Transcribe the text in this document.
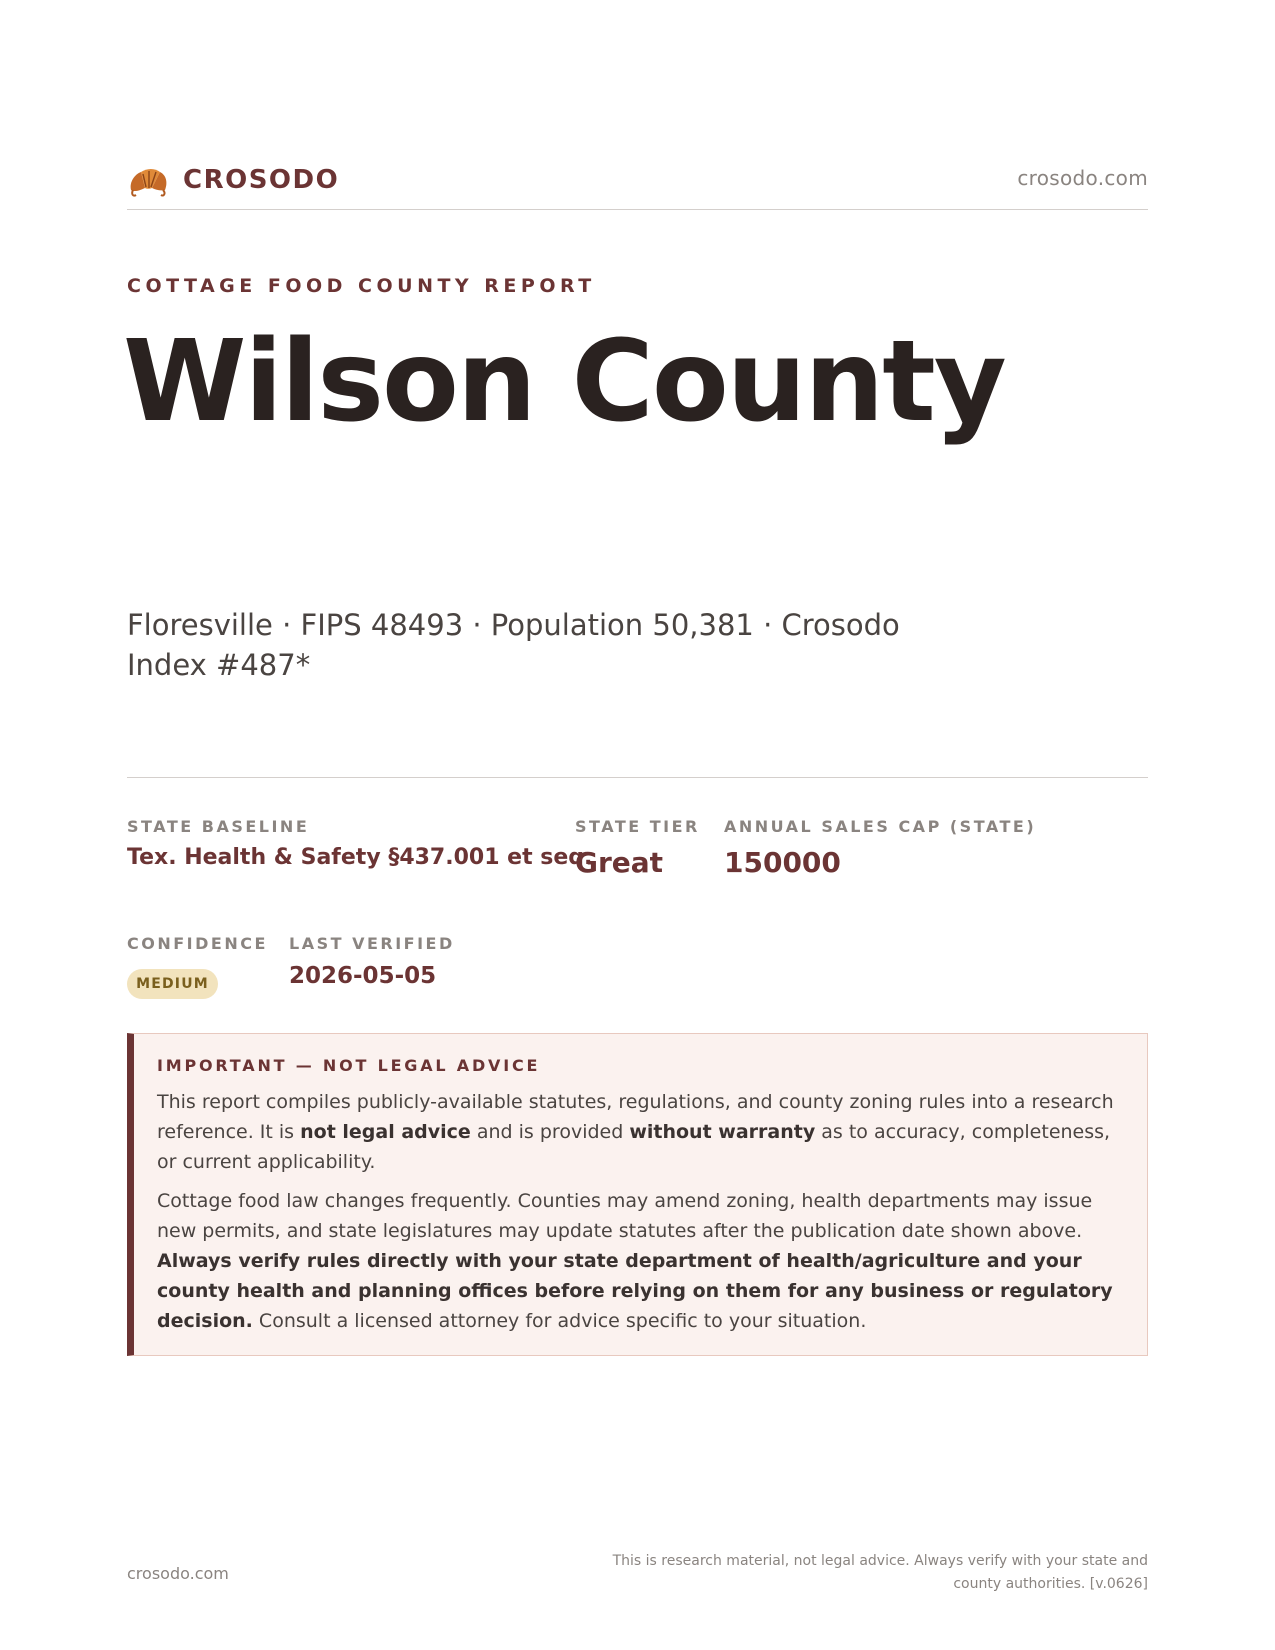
CROSODO	crosodo.com
COTTAGE FOOD COUNTY REPORT
Wilson County
Floresville · FIPS 48493 · Population 50,381 · Crosodo Index #487*
STATE BASELINE
Tex. Health & Safety §437.001 et seq.
STATE TIER
Great
ANNUAL SALES CAP (STATE)
150000
CONFIDENCE
MEDIUM
LAST VERIFIED
2026-05-05
IMPORTANT — NOT LEGAL ADVICE

This report compiles publicly-available statutes, regulations, and county zoning rules into a research reference. It is not legal advice and is provided without warranty as to accuracy, completeness, or current applicability.

Cottage food law changes frequently. Counties may amend zoning, health departments may issue new permits, and state legislatures may update statutes after the publication date shown above. Always verify rules directly with your state department of health/agriculture and your county health and planning offices before relying on them for any business or regulatory decision. Consult a licensed attorney for advice specific to your situation.

crosodo.com
This is research material, not legal advice. Always verify with your state and county authorities. [v.0626]
